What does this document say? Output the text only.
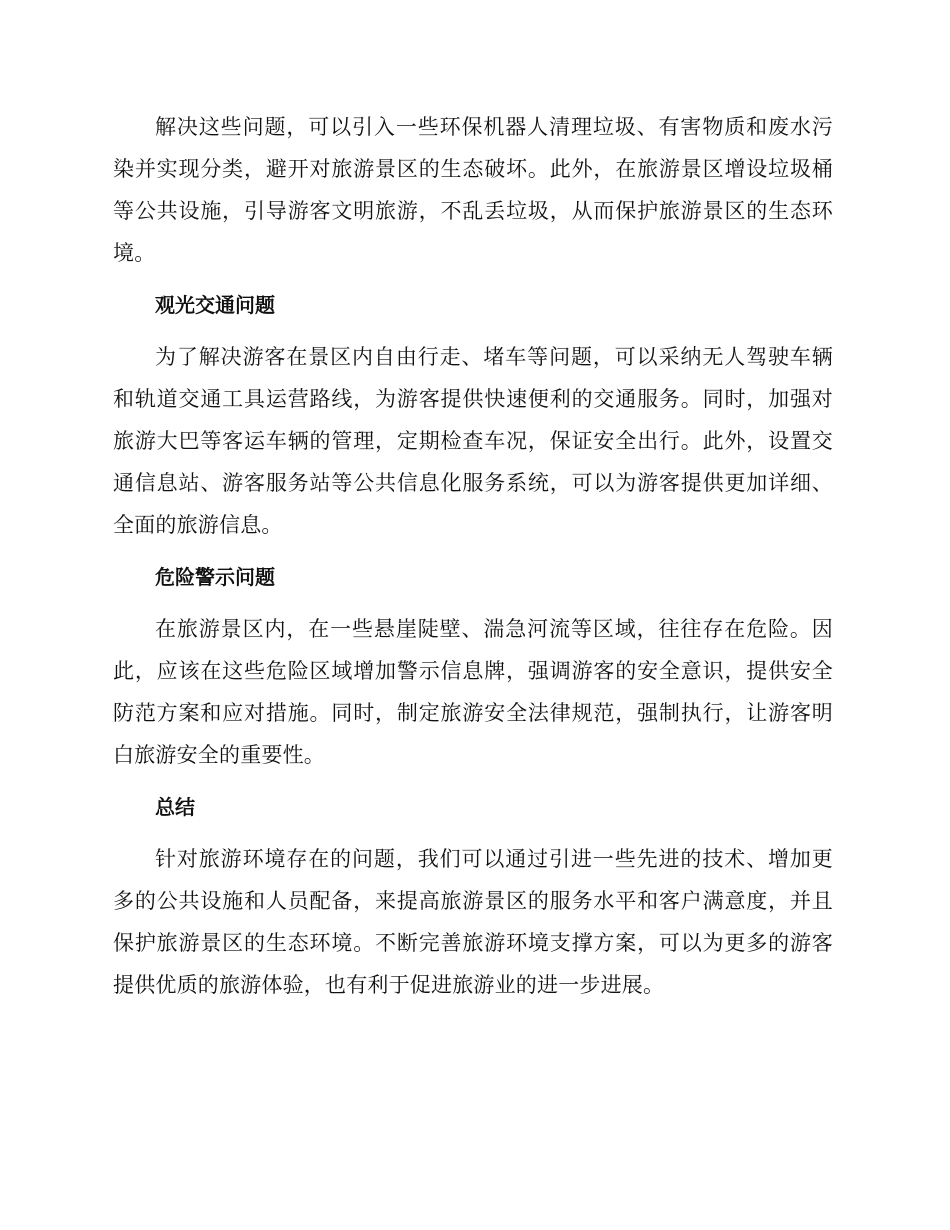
解决这些问题，可以引入一些环保机器人清理垃圾、有害物质和废水污染并实现分类，避开对旅游景区的生态破坏。此外，在旅游景区增设垃圾桶等公共设施，引导游客文明旅游，不乱丢垃圾，从而保护旅游景区的生态环境。

观光交通问题

为了解决游客在景区内自由行走、堵车等问题，可以采纳无人驾驶车辆和轨道交通工具运营路线，为游客提供快速便利的交通服务。同时，加强对旅游大巴等客运车辆的管理，定期检查车况，保证安全出行。此外，设置交通信息站、游客服务站等公共信息化服务系统，可以为游客提供更加详细、全面的旅游信息。

危险警示问题

在旅游景区内，在一些悬崖陡壁、湍急河流等区域，往往存在危险。因此，应该在这些危险区域增加警示信息牌，强调游客的安全意识，提供安全防范方案和应对措施。同时，制定旅游安全法律规范，强制执行，让游客明白旅游安全的重要性。

总结

针对旅游环境存在的问题，我们可以通过引进一些先进的技术、增加更多的公共设施和人员配备，来提高旅游景区的服务水平和客户满意度，并且保护旅游景区的生态环境。不断完善旅游环境支撑方案，可以为更多的游客提供优质的旅游体验，也有利于促进旅游业的进一步进展。
